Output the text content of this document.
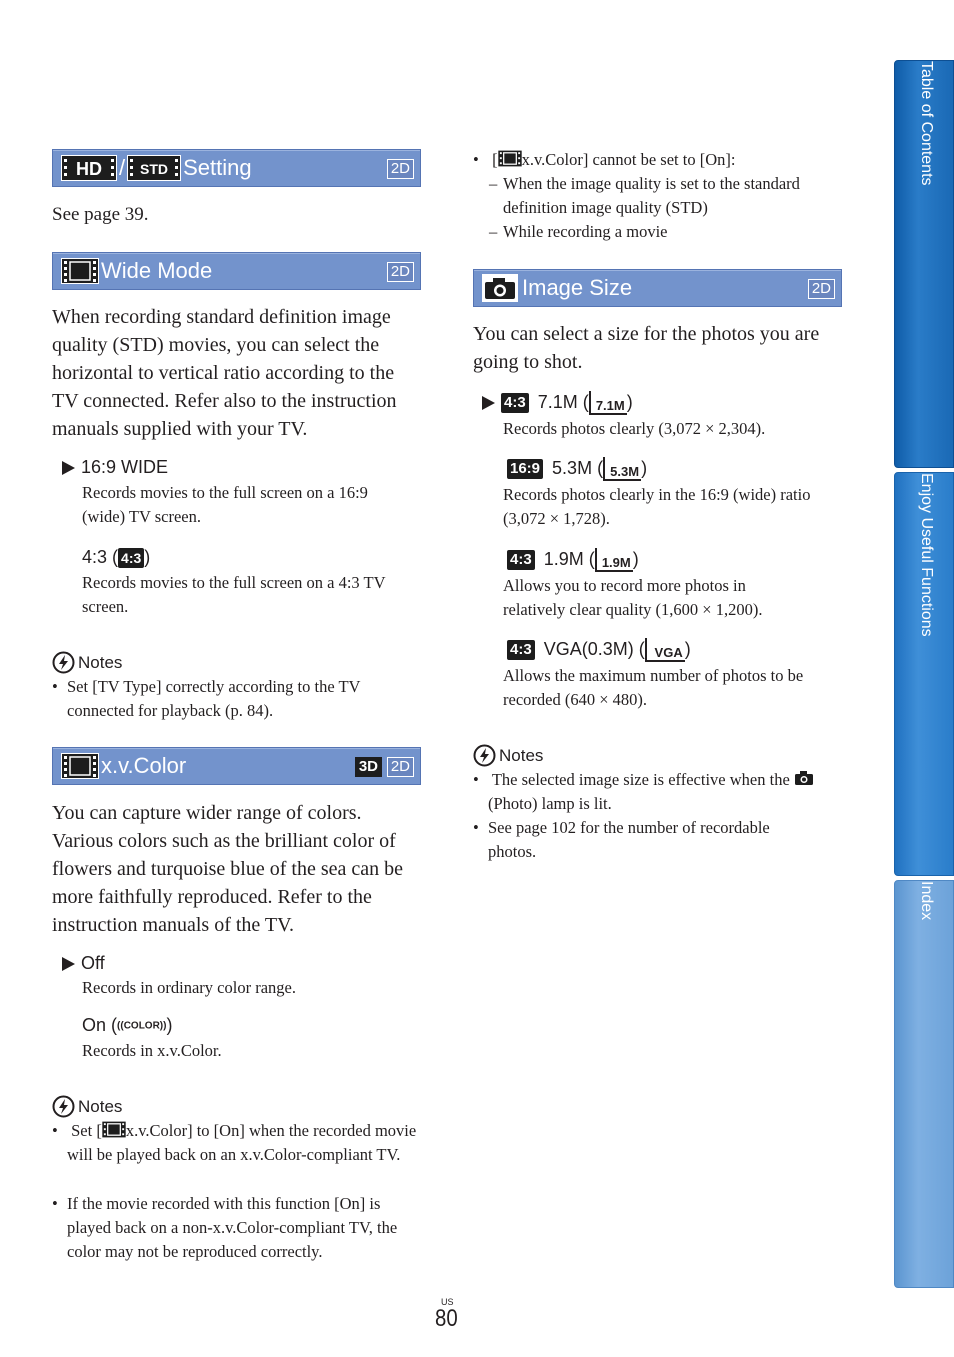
HD / STD Setting	2D
See page 39.
Wide Mode	2D
When recording standard definition image quality (STD) movies, you can select the horizontal to vertical ratio according to the TV connected. Refer also to the instruction manuals supplied with your TV.
16:9 WIDE
Records movies to the full screen on a 16:9 (wide) TV screen.
4:3 ( 4:3 )
Records movies to the full screen on a 4:3 TV screen.
Notes
• Set [TV Type] correctly according to the TV connected for playback (p. 84).
x.v.Color	3D 2D
You can capture wider range of colors. Various colors such as the brilliant color of flowers and turquoise blue of the sea can be more faithfully reproduced. Refer to the instruction manuals of the TV.
Off
Records in ordinary color range.
On (((COLOR)))
Records in x.v.Color.
Notes
• Set [ x.v.Color] to [On] when the recorded movie will be played back on an x.v.Color-compliant TV.
• If the movie recorded with this function [On] is played back on a non-x.v.Color-compliant TV, the color may not be reproduced correctly.
• [ x.v.Color] cannot be set to [On]:
– When the image quality is set to the standard definition image quality (STD)
– While recording a movie
Image Size	2D
You can select a size for the photos you are going to shot.
4:3 7.1M ( 7.1M )
Records photos clearly (3,072 × 2,304).
16:9 5.3M ( 5.3M )
Records photos clearly in the 16:9 (wide) ratio (3,072 × 1,728).
4:3 1.9M ( 1.9M )
Allows you to record more photos in relatively clear quality (1,600 × 1,200).
4:3 VGA(0.3M) ( VGA )
Allows the maximum number of photos to be recorded (640 × 480).
Notes
• The selected image size is effective when the  (Photo) lamp is lit.
• See page 102 for the number of recordable photos.
Table of Contents
Enjoy Useful Functions
Index
US
80
